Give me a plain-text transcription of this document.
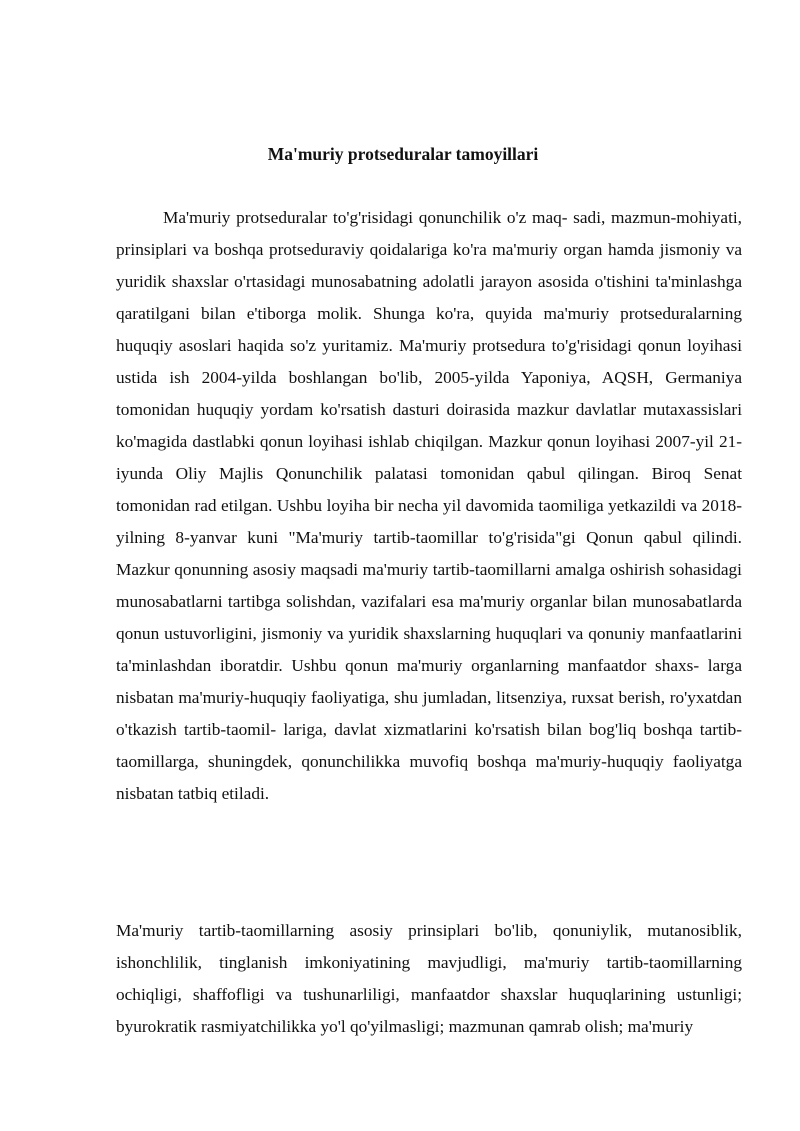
Ma'muriy protseduralar tamoyillari

Ma'muriy protseduralar to'g'risidagi qonunchilik o'z maq- sadi, mazmun-mohiyati, prinsiplari va boshqa protseduraviy qoidalariga ko'ra ma'muriy organ hamda jismoniy va yuridik shaxslar o'rtasidagi munosabatning adolatli jarayon asosida o'tishini ta'minlashga qaratilgani bilan e'tiborga molik. Shunga ko'ra, quyida ma'muriy protseduralarning huquqiy asoslari haqida so'z yuritamiz. Ma'muriy protsedura to'g'risidagi qonun loyihasi ustida ish 2004-yilda boshlangan bo'lib, 2005-yilda Yaponiya, AQSH, Germaniya tomonidan huquqiy yordam ko'rsatish dasturi doirasida mazkur davlatlar mutaxassislari ko'magida dastlabki qonun loyihasi ishlab chiqilgan. Mazkur qonun loyihasi 2007-yil 21-iyunda Oliy Majlis Qonunchilik palatasi tomonidan qabul qilingan. Biroq Senat tomonidan rad etilgan. Ushbu loyiha bir necha yil davomida taomiliga yetkazildi va 2018-yilning 8-yanvar kuni "Ma'muriy tartib-taomillar to'g'risida"gi Qonun qabul qilindi. Mazkur qonunning asosiy maqsadi ma'muriy tartib-taomillarni amalga oshirish sohasidagi munosabatlarni tartibga solishdan, vazifalari esa ma'muriy organlar bilan munosabatlarda qonun ustuvorligini, jismoniy va yuridik shaxslarning huquqlari va qonuniy manfaatlarini ta'minlashdan iboratdir. Ushbu qonun ma'muriy organlarning manfaatdor shaxs- larga nisbatan ma'muriy-huquqiy faoliyatiga, shu jumladan, litsenziya, ruxsat berish, ro'yxatdan o'tkazish tartib-taomil- lariga, davlat xizmatlarini ko'rsatish bilan bog'liq boshqa tartib-taomillarga, shuningdek, qonunchilikka muvofiq boshqa ma'muriy-huquqiy faoliyatga nisbatan tatbiq etiladi.

Ma'muriy tartib-taomillarning asosiy prinsiplari bo'lib, qonuniylik, mutanosiblik, ishonchlilik, tinglanish imkoniyatining mavjudligi, ma'muriy tartib-taomillarning ochiqligi, shaffofligi va tushunarliligi, manfaatdor shaxslar huquqlarining ustunligi; byurokratik rasmiyatchilikka yo'l qo'yilmasligi; mazmunan qamrab olish; ma'muriy
